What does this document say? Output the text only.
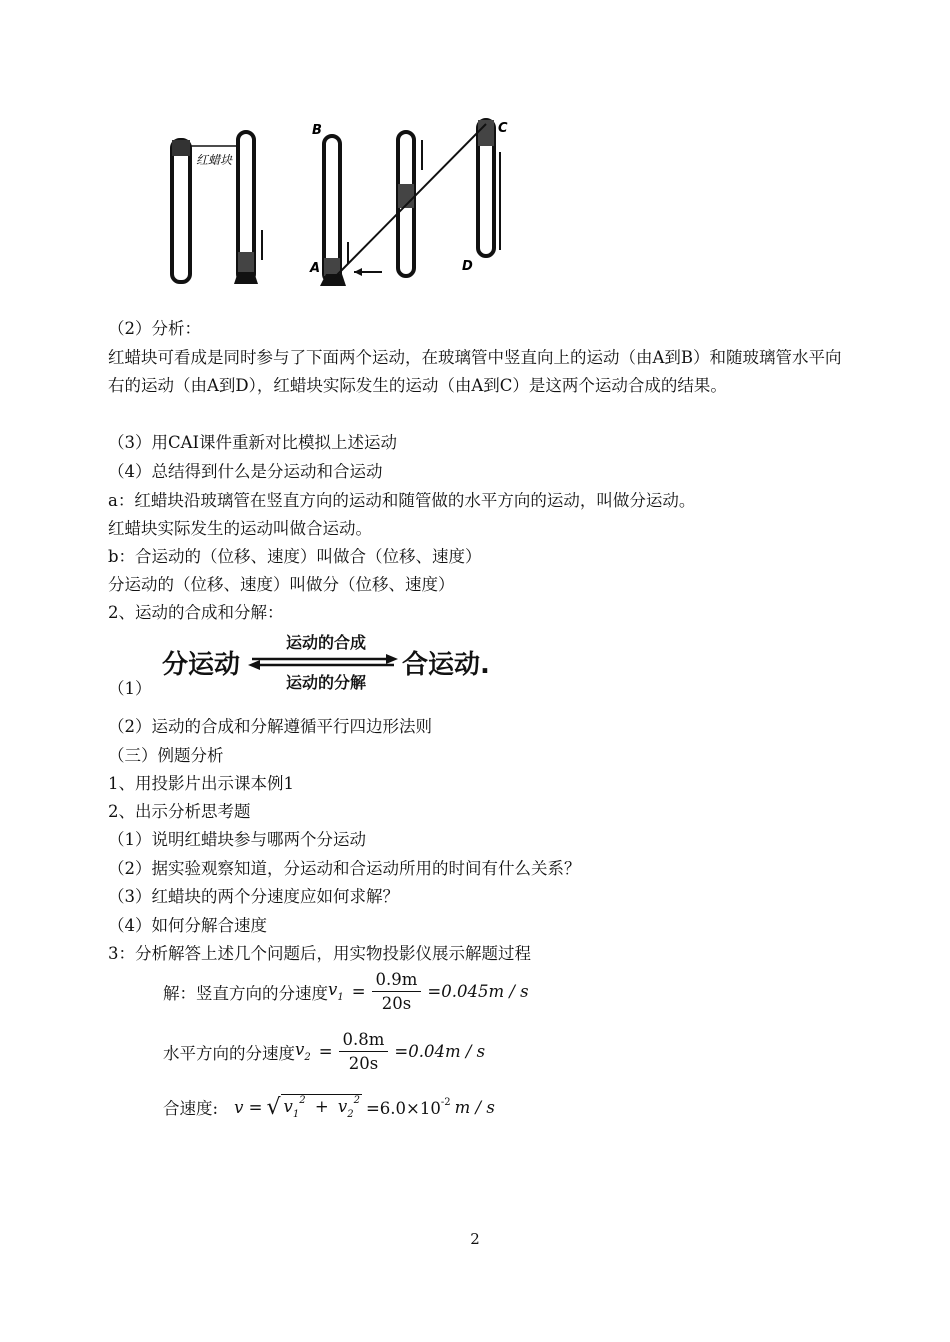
红蜡块
B
A
C
D
（2）分析：
红蜡块可看成是同时参与了下面两个运动，在玻璃管中竖直向上的运动（由A到B）和随玻璃管水平向右的运动（由A到D），红蜡块实际发生的运动（由A到C）是这两个运动合成的结果。
（3）用CAI课件重新对比模拟上述运动
（4）总结得到什么是分运动和合运动
a：红蜡块沿玻璃管在竖直方向的运动和随管做的水平方向的运动，叫做分运动。
红蜡块实际发生的运动叫做合运动。
b：合运动的（位移、速度）叫做合（位移、速度）
分运动的（位移、速度）叫做分（位移、速度）
2、运动的合成和分解：
分运动
运动的合成
运动的分解
合运动.
（1）
（2）运动的合成和分解遵循平行四边形法则
（三）例题分析
1、用投影片出示课本例1
2、出示分析思考题
（1）说明红蜡块参与哪两个分运动
（2）据实验观察知道，分运动和合运动所用的时间有什么关系？
（3）红蜡块的两个分速度应如何求解？
（4）如何分解合速度
3：分析解答上述几个问题后，用实物投影仪展示解题过程
解：竖直方向的分速度 $v_1 = \frac{0.9m}{20s} =0.045m / s$
水平方向的分速度 $v_2 = \frac{0.8m}{20s} =0.04m / s$
合速度: v = √ $v_1^2 + v_2^2 =6.0\times 10^{-2}$ m / s
2
